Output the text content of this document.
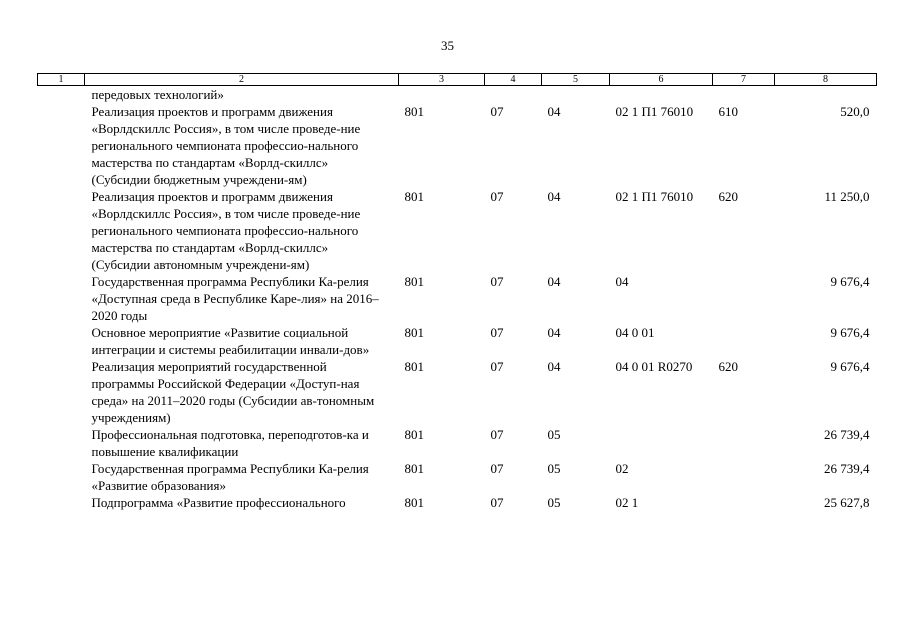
35
1	2	3	4	5	6	7	8
	передовых технологий»						
	Реализация проектов и программ движения «Ворлдскиллс Россия», в том числе проведе-ние регионального чемпионата профессио-нального мастерства по стандартам «Ворлд-скиллс» (Субсидии бюджетным учреждени-ям)	801	07	04	02 1 П1 76010	610	520,0
	Реализация проектов и программ движения «Ворлдскиллс Россия», в том числе проведе-ние регионального чемпионата профессио-нального мастерства по стандартам «Ворлд-скиллс» (Субсидии автономным учреждени-ям)	801	07	04	02 1 П1 76010	620	11 250,0
	Государственная программа Республики Ка-релия «Доступная среда в Республике Каре-лия» на 2016–2020 годы	801	07	04	04		9 676,4
	Основное мероприятие «Развитие социальной интеграции и системы реабилитации инвали-дов»	801	07	04	04 0 01		9 676,4
	Реализация мероприятий государственной программы Российской Федерации «Доступ-ная среда» на 2011–2020 годы (Субсидии ав-тономным учреждениям)	801	07	04	04 0 01 R0270	620	9 676,4
	Профессиональная подготовка, переподготов-ка и повышение квалификации	801	07	05			26 739,4
	Государственная программа Республики Ка-релия «Развитие образования»	801	07	05	02		26 739,4
	Подпрограмма «Развитие профессионального	801	07	05	02 1		25 627,8
